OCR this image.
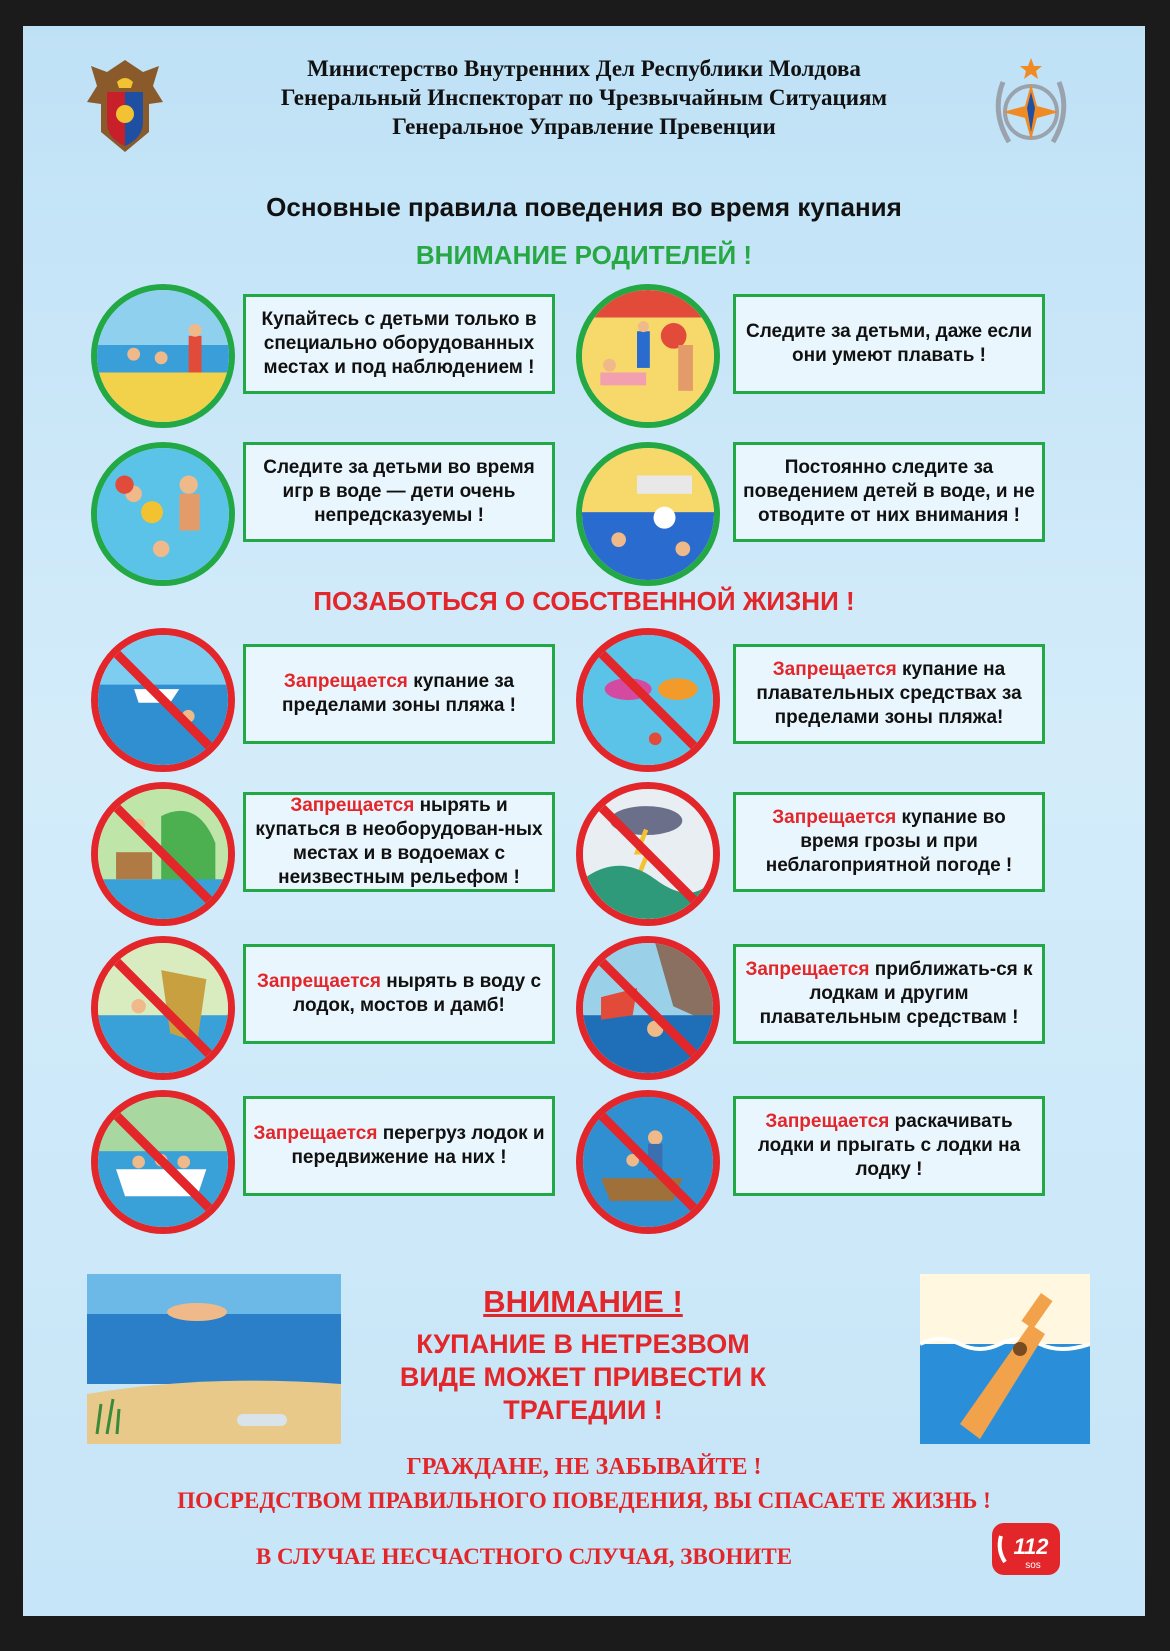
Министерство Внутренних Дел Республики Молдова
Генеральный Инспекторат по Чрезвычайным Ситуациям
Генеральное Управление Превенции
Основные правила поведения во время купания
ВНИМАНИЕ РОДИТЕЛЕЙ !
Купайтесь с детьми только в специально оборудованных местах и под наблюдением !
Следите за детьми, даже если они умеют плавать !
Следите за детьми во время игр в воде — дети очень непредсказуемы !
Постоянно следите за поведением детей в воде, и не отводите от них внимания !
ПОЗАБОТЬСЯ О СОБСТВЕННОЙ ЖИЗНИ !
Запрещается купание за пределами зоны пляжа !
Запрещается купание на плавательных средствах за пределами зоны пляжа!
Запрещается нырять и купаться в необорудован-ных местах и в водоемах с неизвестным рельефом !
Запрещается купание во время грозы и при неблагоприятной погоде !
Запрещается нырять в воду с лодок, мостов и дамб!
Запрещается приближать-ся к лодкам и другим плавательным средствам !
Запрещается перегруз лодок и передвижение на них !
Запрещается раскачивать лодки и прыгать с лодки на лодку !
ВНИМАНИЕ !
КУПАНИЕ В НЕТРЕЗВОМ
ВИДЕ МОЖЕТ ПРИВЕСТИ К
ТРАГЕДИИ !
ГРАЖДАНЕ, НЕ ЗАБЫВАЙТЕ !
ПОСРЕДСТВОМ ПРАВИЛЬНОГО ПОВЕДЕНИЯ, ВЫ СПАСАЕТЕ ЖИЗНЬ !
В СЛУЧАЕ НЕСЧАСТНОГО СЛУЧАЯ, ЗВОНИТЕ	112
sos
